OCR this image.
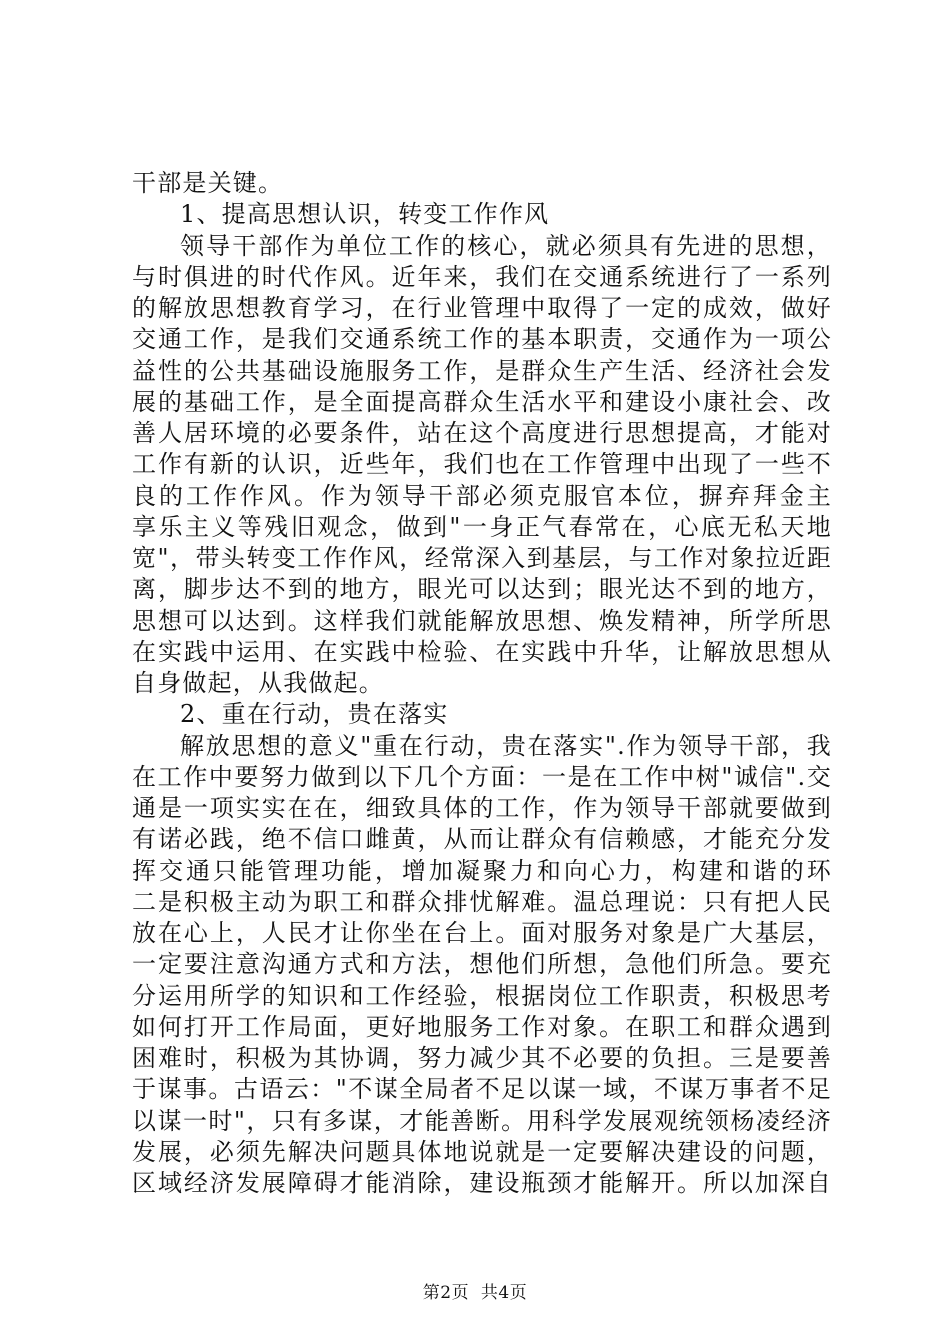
干部是关键。
1、提高思想认识，转变工作作风
领导干部作为单位工作的核心，就必须具有先进的思想，
与时俱进的时代作风。近年来，我们在交通系统进行了一系列
的解放思想教育学习，在行业管理中取得了一定的成效，做好
交通工作，是我们交通系统工作的基本职责，交通作为一项公
益性的公共基础设施服务工作，是群众生产生活、经济社会发
展的基础工作，是全面提高群众生活水平和建设小康社会、改
善人居环境的必要条件，站在这个高度进行思想提高，才能对
工作有新的认识，近些年，我们也在工作管理中出现了一些不
良的工作作风。作为领导干部必须克服官本位，摒弃拜金主
享乐主义等残旧观念，做到"一身正气春常在，心底无私天地
宽"，带头转变工作作风，经常深入到基层，与工作对象拉近距
离，脚步达不到的地方，眼光可以达到；眼光达不到的地方，
思想可以达到。这样我们就能解放思想、焕发精神，所学所思
在实践中运用、在实践中检验、在实践中升华，让解放思想从
自身做起，从我做起。
2、重在行动，贵在落实
解放思想的意义"重在行动，贵在落实".作为领导干部，我
在工作中要努力做到以下几个方面：一是在工作中树"诚信".交
通是一项实实在在，细致具体的工作，作为领导干部就要做到
有诺必践，绝不信口雌黄，从而让群众有信赖感，才能充分发
挥交通只能管理功能，增加凝聚力和向心力，构建和谐的环
二是积极主动为职工和群众排忧解难。温总理说：只有把人民
放在心上，人民才让你坐在台上。面对服务对象是广大基层，
一定要注意沟通方式和方法，想他们所想，急他们所急。要充
分运用所学的知识和工作经验，根据岗位工作职责，积极思考
如何打开工作局面，更好地服务工作对象。在职工和群众遇到
困难时，积极为其协调，努力减少其不必要的负担。三是要善
于谋事。古语云："不谋全局者不足以谋一域，不谋万事者不足
以谋一时"，只有多谋，才能善断。用科学发展观统领杨凌经济
发展，必须先解决问题具体地说就是一定要解决建设的问题，
区域经济发展障碍才能消除，建设瓶颈才能解开。所以加深自
第2页  共4页
